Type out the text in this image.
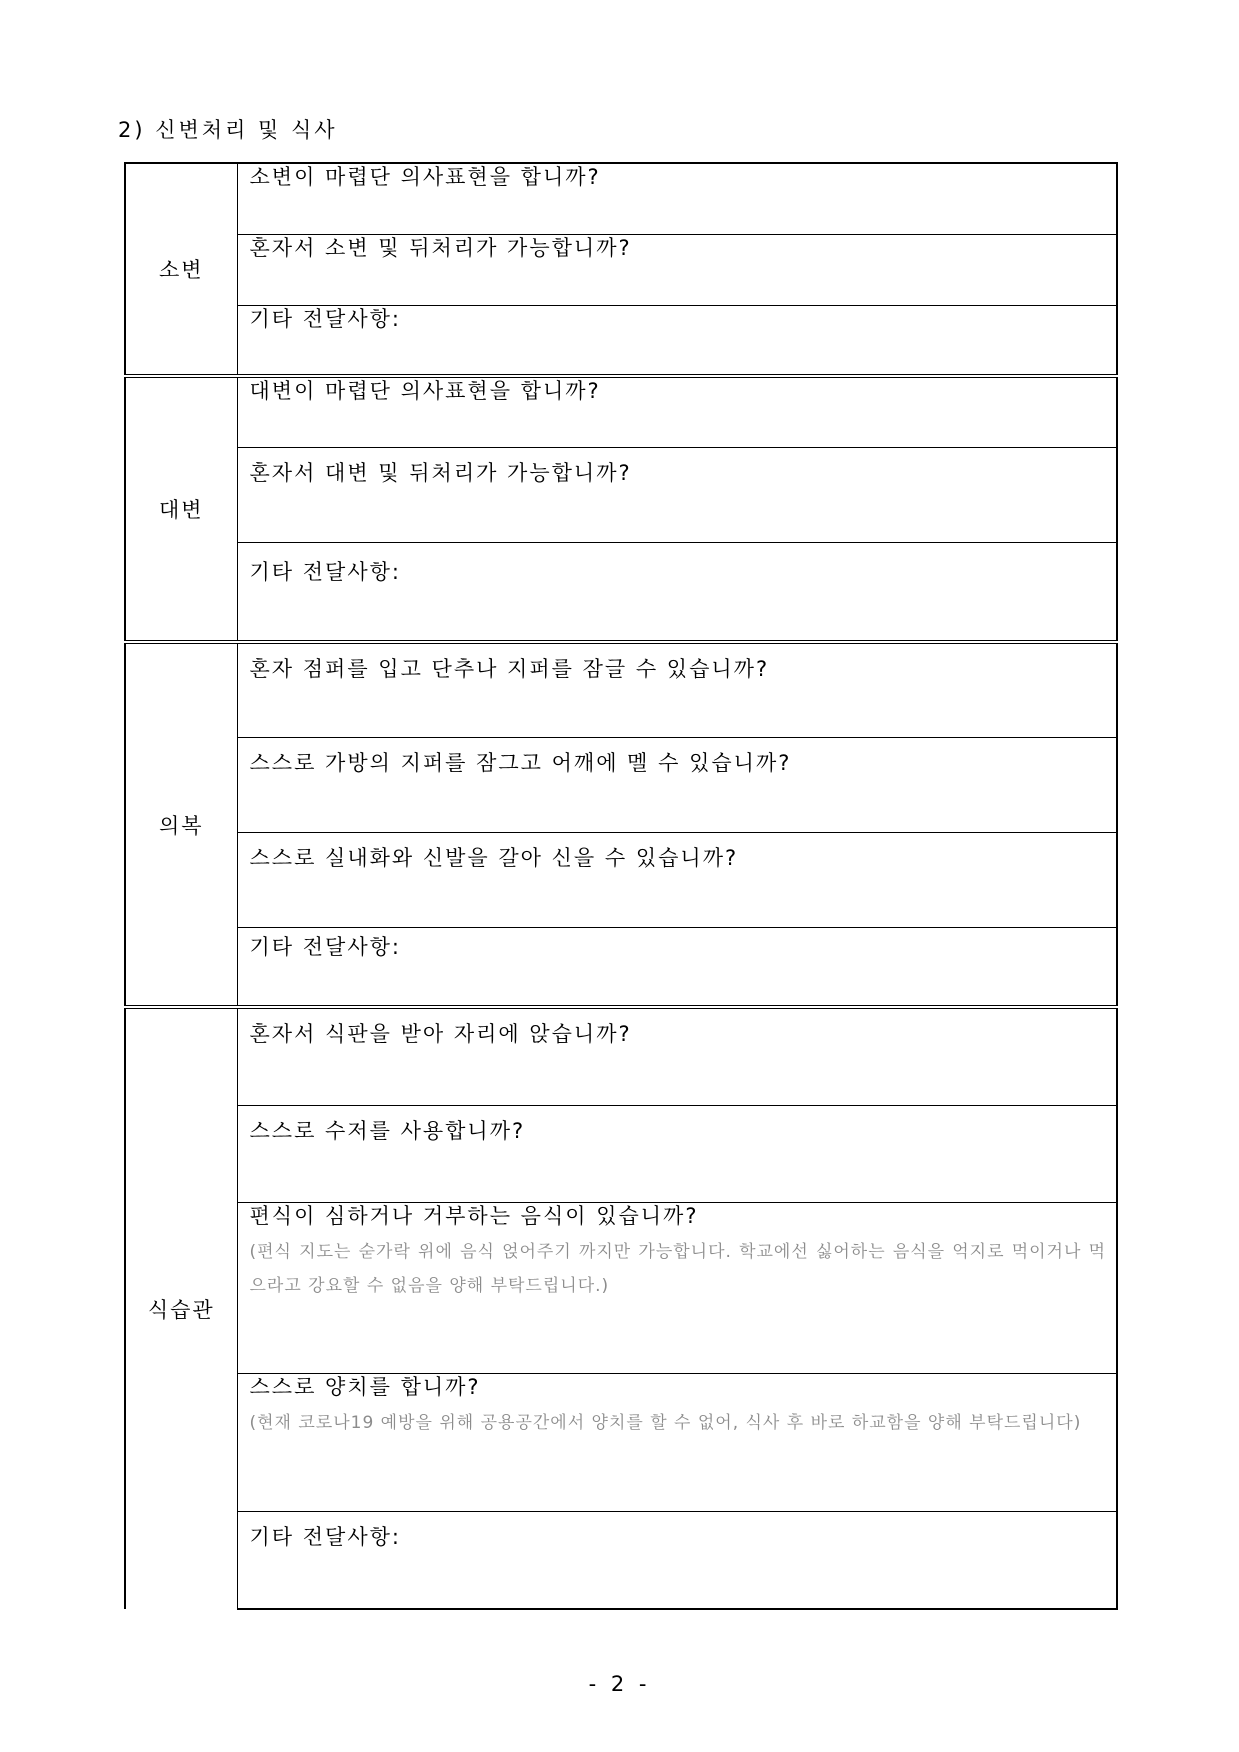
2) 신변처리 및 식사
소변	소변이 마렵단 의사표현을 합니까?

	혼자서 소변 및 뒤처리가 가능합니까?

	기타 전달사항:

대변	대변이 마렵단 의사표현을 합니까?

	혼자서 대변 및 뒤처리가 가능합니까?

	기타 전달사항:

의복	혼자 점퍼를 입고 단추나 지퍼를 잠글 수 있습니까?

	스스로 가방의 지퍼를 잠그고 어깨에 멜 수 있습니까?

	스스로 실내화와 신발을 갈아 신을 수 있습니까?

	기타 전달사항:

식습관	혼자서 식판을 받아 자리에 앉습니까?

	스스로 수저를 사용합니까?

	편식이 심하거나 거부하는 음식이 있습니까?
(편식 지도는 숟가락 위에 음식 얹어주기 까지만 가능합니다. 학교에선 싫어하는 음식을 억지로 먹이거나 먹으라고 강요할 수 없음을 양해 부탁드립니다.)

	스스로 양치를 합니까?
(현재 코로나19 예방을 위해 공용공간에서 양치를 할 수 없어, 식사 후 바로 하교함을 양해 부탁드립니다)

	기타 전달사항:
- 2 -
